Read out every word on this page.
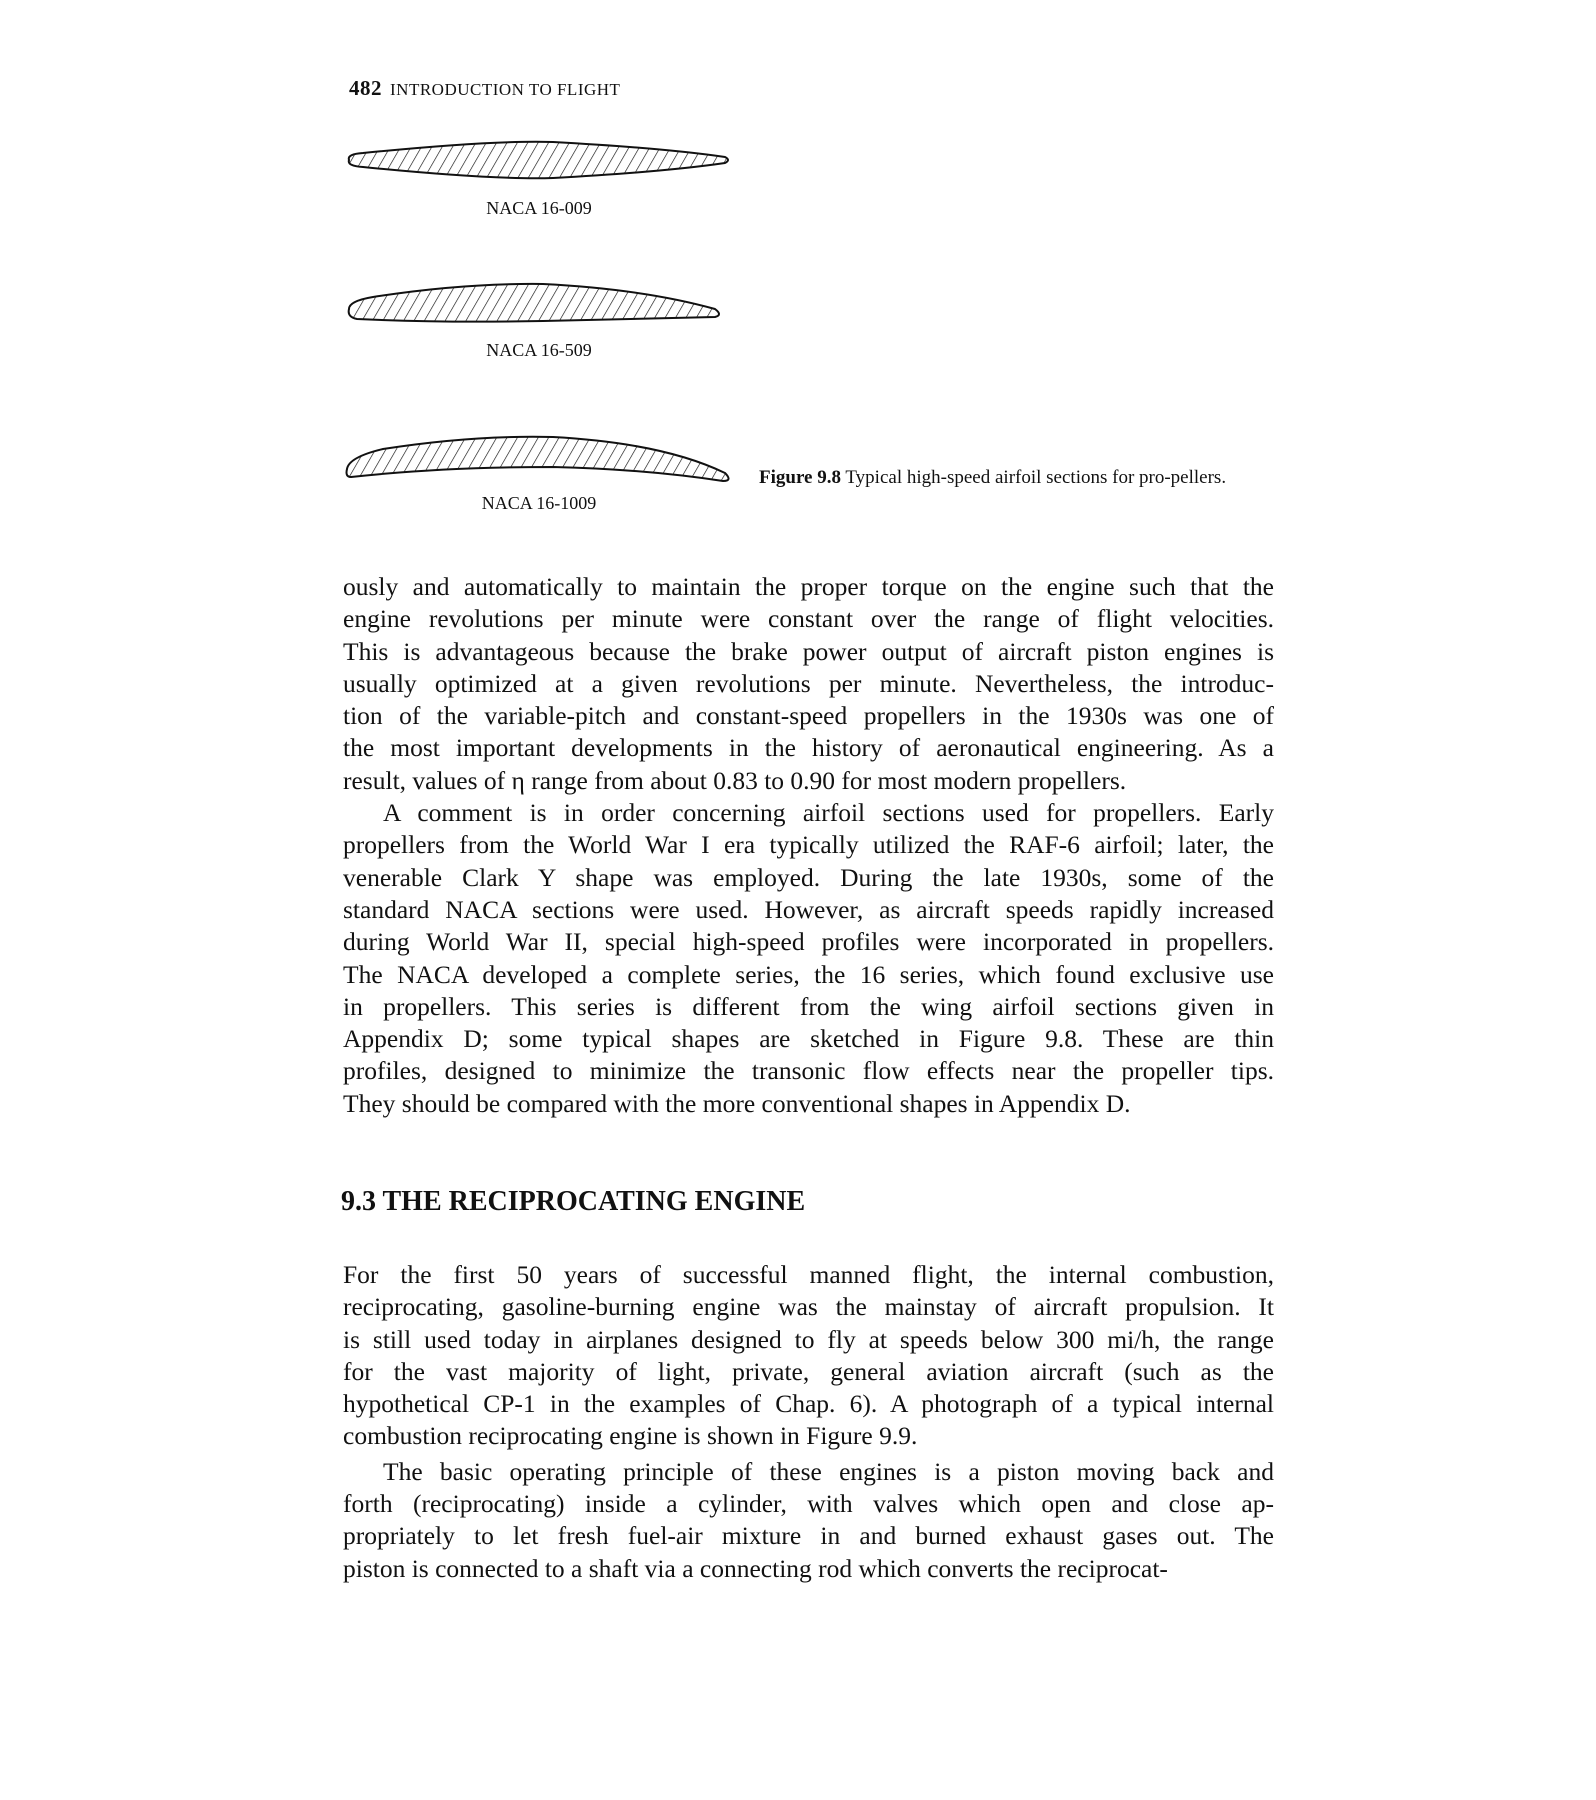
482 INTRODUCTION TO FLIGHT
NACA 16-009
NACA 16-509
NACA 16-1009
Figure 9.8 Typical high-speed airfoil sections for pro-pellers.
ously and automatically to maintain the proper torque on the engine such that the
engine revolutions per minute were constant over the range of flight velocities.
This is advantageous because the brake power output of aircraft piston engines is
usually optimized at a given revolutions per minute. Nevertheless, the introduc-
tion of the variable-pitch and constant-speed propellers in the 1930s was one of
the most important developments in the history of aeronautical engineering. As a
result, values of η range from about 0.83 to 0.90 for most modern propellers.
A comment is in order concerning airfoil sections used for propellers. Early
propellers from the World War I era typically utilized the RAF-6 airfoil; later, the
venerable Clark Y shape was employed. During the late 1930s, some of the
standard NACA sections were used. However, as aircraft speeds rapidly increased
during World War II, special high-speed profiles were incorporated in propellers.
The NACA developed a complete series, the 16 series, which found exclusive use
in propellers. This series is different from the wing airfoil sections given in
Appendix D; some typical shapes are sketched in Figure 9.8. These are thin
profiles, designed to minimize the transonic flow effects near the propeller tips.
They should be compared with the more conventional shapes in Appendix D.
9.3 THE RECIPROCATING ENGINE
For the first 50 years of successful manned flight, the internal combustion,
reciprocating, gasoline-burning engine was the mainstay of aircraft propulsion. It
is still used today in airplanes designed to fly at speeds below 300 mi/h, the range
for the vast majority of light, private, general aviation aircraft (such as the
hypothetical CP-1 in the examples of Chap. 6). A photograph of a typical internal
combustion reciprocating engine is shown in Figure 9.9.
The basic operating principle of these engines is a piston moving back and
forth (reciprocating) inside a cylinder, with valves which open and close ap-
propriately to let fresh fuel-air mixture in and burned exhaust gases out. The
piston is connected to a shaft via a connecting rod which converts the reciprocat-
